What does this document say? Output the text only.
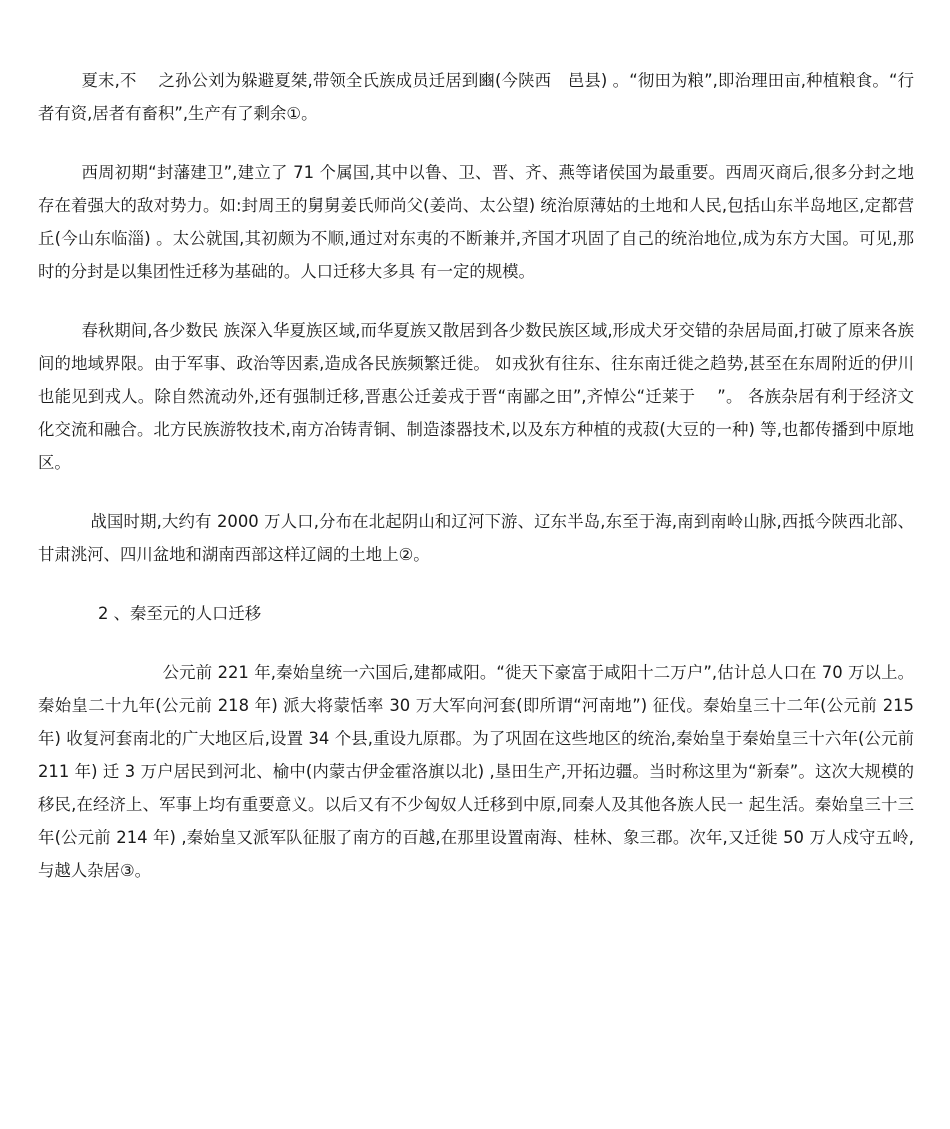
夏末,不　 之孙公刘为躲避夏桀,带领全氏族成员迁居到豳(今陕西　邑县) 。“彻田为粮”,即治理田亩,种植粮食。“行者有资,居者有畜积”,生产有了剩余①。

西周初期“封藩建卫”,建立了 71 个属国,其中以鲁、卫、晋、齐、燕等诸侯国为最重要。西周灭商后,很多分封之地存在着强大的敌对势力。如:封周王的舅舅姜氏师尚父(姜尚、太公望) 统治原薄姑的土地和人民,包括山东半岛地区,定都营丘(今山东临淄) 。太公就国,其初颇为不顺,通过对东夷的不断兼并,齐国才巩固了自己的统治地位,成为东方大国。可见,那时的分封是以集团性迁移为基础的。人口迁移大多具 有一定的规模。

春秋期间,各少数民 族深入华夏族区域,而华夏族又散居到各少数民族区域,形成犬牙交错的杂居局面,打破了原来各族间的地域界限。由于军事、政治等因素,造成各民族频繁迁徙。 如戎狄有往东、往东南迁徙之趋势,甚至在东周附近的伊川也能见到戎人。除自然流动外,还有强制迁移,晋惠公迁姜戎于晋“南鄙之田”,齐悼公“迁莱于　 ”。 各族杂居有利于经济文化交流和融合。北方民族游牧技术,南方冶铸青铜、制造漆器技术,以及东方种植的戎菽(大豆的一种) 等,也都传播到中原地区。

战国时期,大约有 2000 万人口,分布在北起阴山和辽河下游、辽东半岛,东至于海,南到南岭山脉,西抵今陕西北部、甘肃洮河、四川盆地和湖南西部这样辽阔的土地上②。

2 、秦至元的人口迁移

公元前 221 年,秦始皇统一六国后,建都咸阳。“徙天下豪富于咸阳十二万户”,估计总人口在 70 万以上。秦始皇二十九年(公元前 218 年) 派大将蒙恬率 30 万大军向河套(即所谓“河南地”) 征伐。秦始皇三十二年(公元前 215 年) 收复河套南北的广大地区后,设置 34 个县,重设九原郡。为了巩固在这些地区的统治,秦始皇于秦始皇三十六年(公元前 211 年) 迁 3 万户居民到河北、榆中(内蒙古伊金霍洛旗以北) ,垦田生产,开拓边疆。当时称这里为“新秦”。这次大规模的移民,在经济上、军事上均有重要意义。以后又有不少匈奴人迁移到中原,同秦人及其他各族人民一 起生活。秦始皇三十三年(公元前 214 年) ,秦始皇又派军队征服了南方的百越,在那里设置南海、桂林、象三郡。次年,又迁徙 50 万人戍守五岭,与越人杂居③。
